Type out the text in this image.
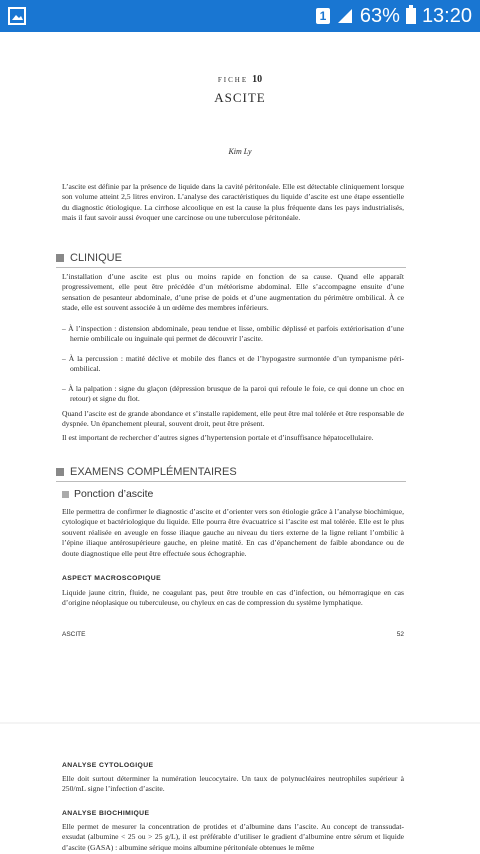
1 63% 13:20
FICHE 10
ASCITE
Kim Ly
L’ascite est définie par la présence de liquide dans la cavité péritonéale. Elle est détectable cliniquement lorsque son volume atteint 2,5 litres environ. L’analyse des caractéristiques du liquide d’ascite est une étape essentielle du diagnostic étiologique. La cirrhose alcoolique en est la cause la plus fréquente dans les pays industrialisés, mais il faut savoir aussi évoquer une carcinose ou une tuberculose péritonéale.
CLINIQUE
L’installation d’une ascite est plus ou moins rapide en fonction de sa cause. Quand elle apparaît progressivement, elle peut être précédée d’un météorisme abdominal. Elle s’accompagne ensuite d’une sensation de pesanteur abdominale, d’une prise de poids et d’une augmentation du périmètre ombilical. À ce stade, elle est souvent associée à un œdème des membres inférieurs.
– À l’inspection : distension abdominale, peau tendue et lisse, ombilic déplissé et parfois extériorisation d’une hernie ombilicale ou inguinale qui permet de découvrir l’ascite.
– À la percussion : matité déclive et mobile des flancs et de l’hypogastre surmontée d’un tympanisme péri-ombilical.
– À la palpation : signe du glaçon (dépression brusque de la paroi qui refoule le foie, ce qui donne un choc en retour) et signe du flot.
Quand l’ascite est de grande abondance et s’installe rapidement, elle peut être mal tolérée et être responsable de dyspnée. Un épanchement pleural, souvent droit, peut être présent.
Il est important de rechercher d’autres signes d’hypertension portale et d’insuffisance hépatocellulaire.
EXAMENS COMPLÉMENTAIRES
Ponction d’ascite
Elle permettra de confirmer le diagnostic d’ascite et d’orienter vers son étiologie grâce à l’analyse biochimique, cytologique et bactériologique du liquide. Elle pourra être évacuatrice si l’ascite est mal tolérée. Elle est le plus souvent réalisée en aveugle en fosse iliaque gauche au niveau du tiers externe de la ligne reliant l’ombilic à l’épine iliaque antérosupérieure gauche, en pleine matité. En cas d’épanchement de faible abondance ou de doute diagnostique elle peut être effectuée sous échographie.
ASPECT MACROSCOPIQUE
Liquide jaune citrin, fluide, ne coagulant pas, peut être trouble en cas d’infection, ou hémorragique en cas d’origine néoplasique ou tuberculeuse, ou chyleux en cas de compression du système lymphatique.
ASCITE	52
ANALYSE CYTOLOGIQUE
Elle doit surtout déterminer la numération leucocytaire. Un taux de polynucléaires neutrophiles supérieur à 250/mL signe l’infection d’ascite.
ANALYSE BIOCHIMIQUE
Elle permet de mesurer la concentration de protides et d’albumine dans l’ascite. Au concept de transsudat-exsudat (albumine < 25 ou > 25 g/L), il est préférable d’utiliser le gradient d’albumine entre sérum et liquide d’ascite (GASA) : albumine sérique moins albumine péritonéale obtenues le même
